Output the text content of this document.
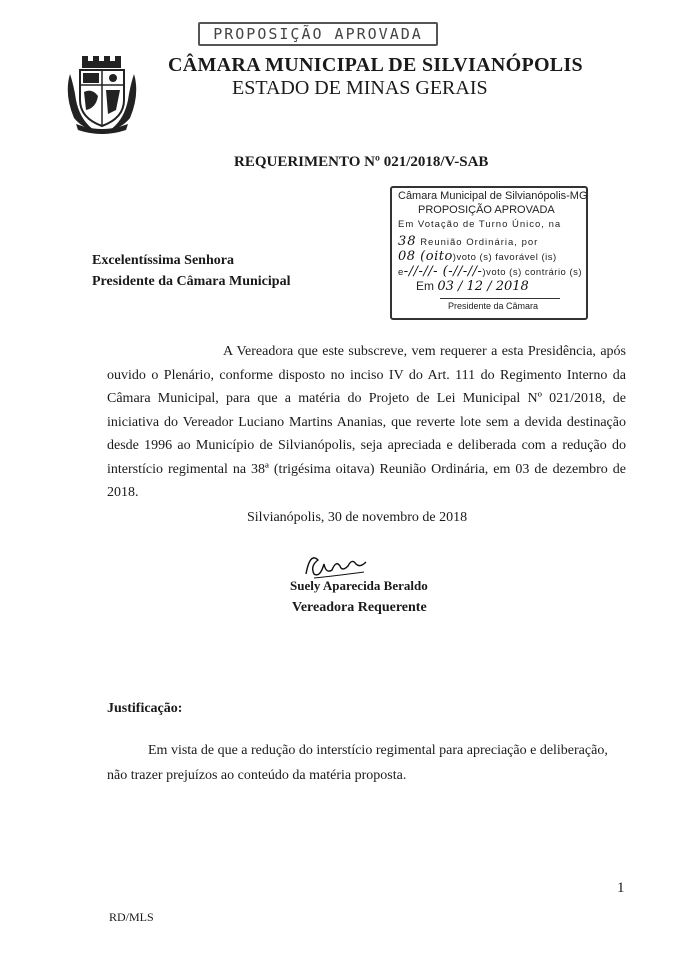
PROPOSIÇÃO APROVADA
MG
CÂMARA MUNICIPAL DE SILVIANÓPOLIS
ESTADO DE MINAS GERAIS
REQUERIMENTO Nº 021/2018/V-SAB
Câmara Municipal de Silvianópolis-MG
PROPOSIÇÃO APROVADA
Em Votação de Turno Único, na
38 Reunião Ordinária, por
08 (oito)voto (s) favorável (is)
e-//-//- (-//-//-)voto (s) contrário (s)
Em 03 / 12 / 2018
Presidente da Câmara
Excelentíssima Senhora
Presidente da Câmara Municipal
A Vereadora que este subscreve, vem requerer a esta Presidência, após ouvido o Plenário, conforme disposto no inciso IV do Art. 111 do Regimento Interno da Câmara Municipal, para que a matéria do Projeto de Lei Municipal Nº 021/2018, de iniciativa do Vereador Luciano Martins Ananias, que reverte lote sem a devida destinação desde 1996 ao Município de Silvianópolis, seja apreciada e deliberada com a redução do interstício regimental na 38ª (trigésima oitava) Reunião Ordinária, em 03 de dezembro de 2018.
Silvianópolis, 30 de novembro de 2018
Suely Aparecida Beraldo
Vereadora Requerente
Justificação:
Em vista de que a redução do interstício regimental para apreciação e deliberação, não trazer prejuízos ao conteúdo da matéria proposta.
1
RD/MLS
